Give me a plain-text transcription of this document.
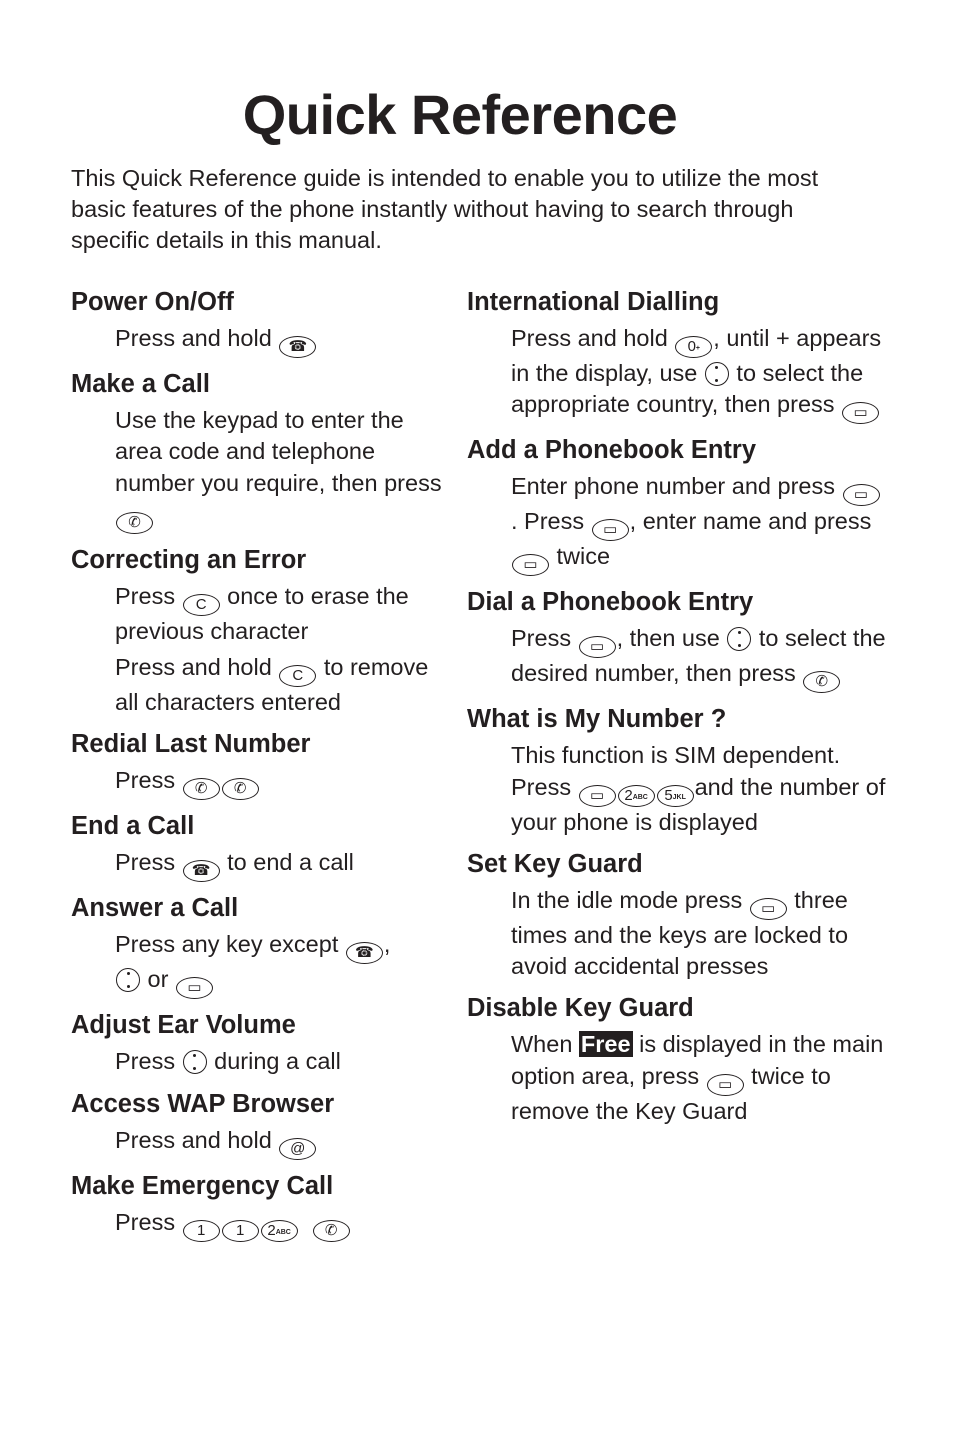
Quick Reference
This Quick Reference guide is intended to enable you to utilize the most basic features of the phone instantly without having to search through specific details in this manual.
Power On/Off

Press and hold ☎

Make a Call

Use the keypad to enter the area code and telephone number you require, then press ✆

Correcting an Error

Press C once to erase the previous character

Press and hold C to remove all characters entered

Redial Last Number

Press ✆ ✆

End a Call

Press ☎ to end a call

Answer a Call

Press any key except ☎ ,

or ▭

Adjust Ear Volume

Press
during a call

Access WAP Browser

Press and hold @

Make Emergency Call

Press 1 1 2ABC ✆

International Dialling

Press and hold 0+ , until + appears in the display, use
to select the appropriate country, then press ▭

Add a Phonebook Entry

Enter phone number and press ▭. Press ▭ , enter name and press ▭ twice

Dial a Phonebook Entry

Press ▭ , then use
to select the desired number, then press ✆

What is My Number ?

This function is SIM dependent. Press ▭ 2ABC 5JKL and the number of your phone is displayed

Set Key Guard

In the idle mode press ▭ three times and the keys are locked to avoid accidental presses

Disable Key Guard

When Free is displayed in the main option area, press ▭ twice to remove the Key Guard
